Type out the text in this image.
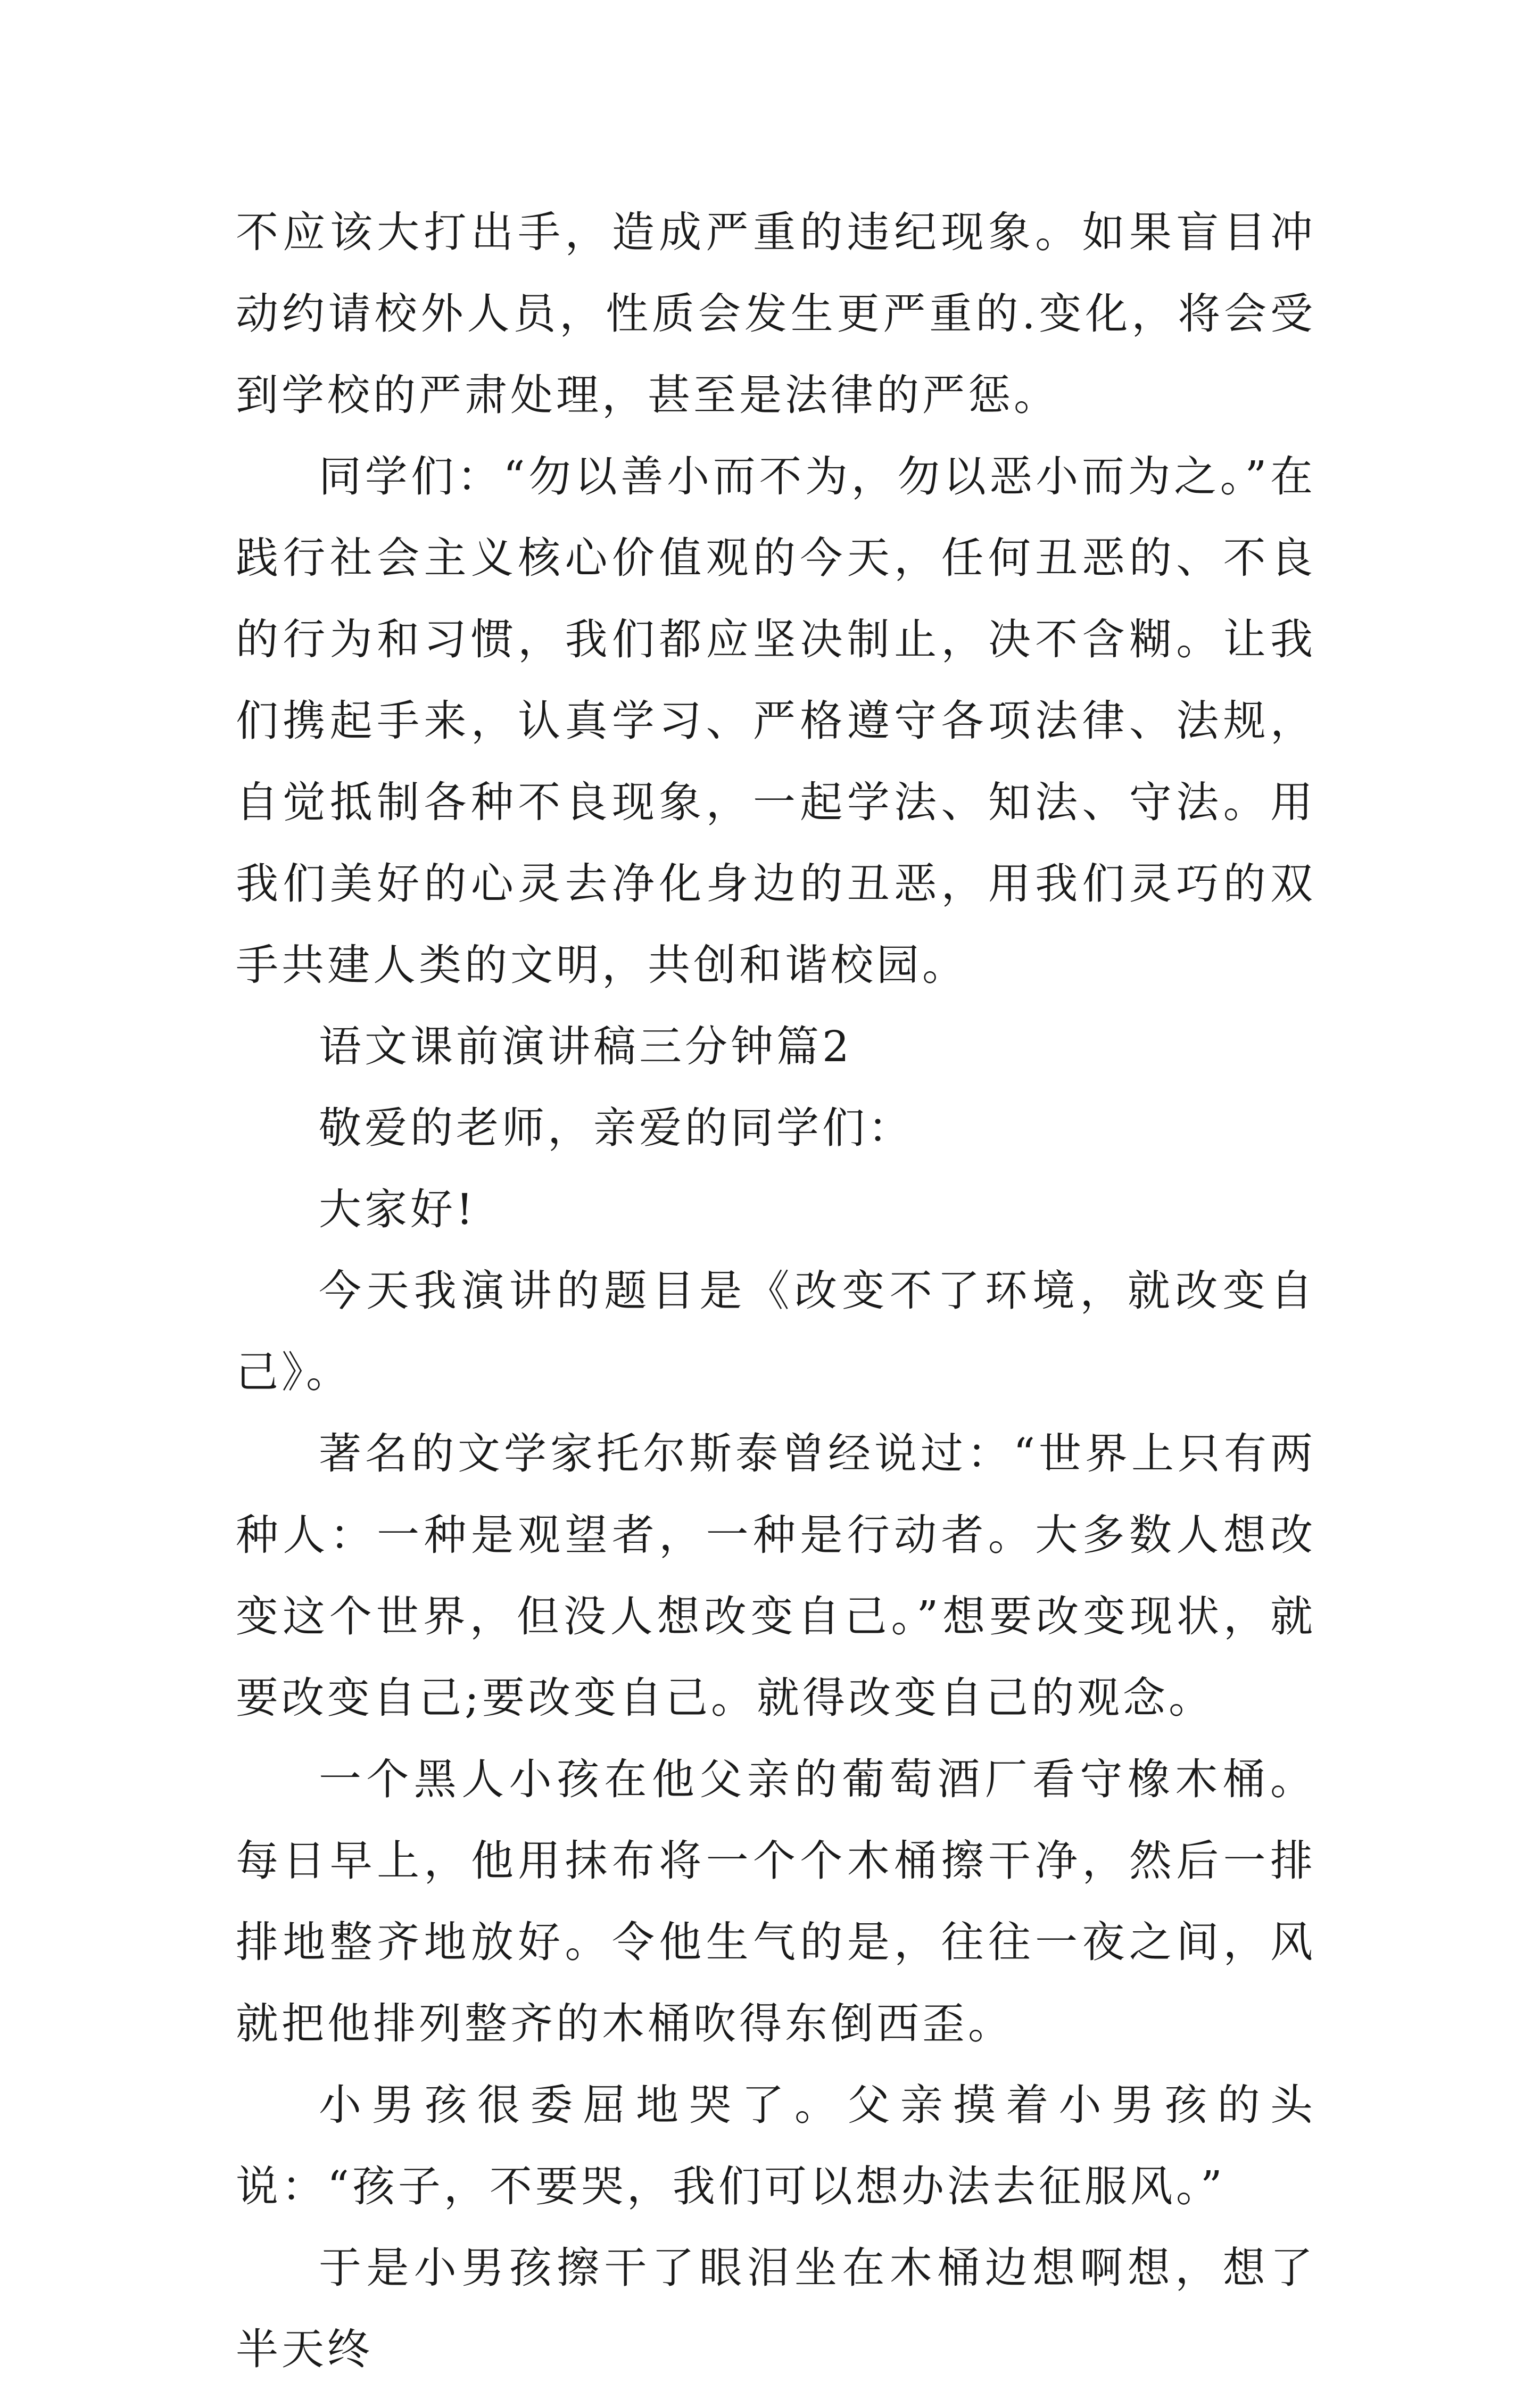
不应该大打出手，造成严重的违纪现象。如果盲目冲动约请校外人员，性质会发生更严重的.变化，将会受到学校的严肃处理，甚至是法律的严惩。

同学们：“勿以善小而不为，勿以恶小而为之。”在践行社会主义核心价值观的今天，任何丑恶的、不良的行为和习惯，我们都应坚决制止，决不含糊。让我们携起手来，认真学习、严格遵守各项法律、法规，自觉抵制各种不良现象，一起学法、知法、守法。用我们美好的心灵去净化身边的丑恶，用我们灵巧的双手共建人类的文明，共创和谐校园。

语文课前演讲稿三分钟篇2

敬爱的老师，亲爱的同学们：

大家好!

今天我演讲的题目是《改变不了环境，就改变自己》。

著名的文学家托尔斯泰曾经说过：“世界上只有两种人：一种是观望者，一种是行动者。大多数人想改变这个世界，但没人想改变自己。”想要改变现状，就要改变自己;要改变自己。就得改变自己的观念。

一个黑人小孩在他父亲的葡萄酒厂看守橡木桶。每日早上，他用抹布将一个个木桶擦干净，然后一排排地整齐地放好。令他生气的是，往往一夜之间，风就把他排列整齐的木桶吹得东倒西歪。

小男孩很委屈地哭了。父亲摸着小男孩的头说：“孩子，不要哭，我们可以想办法去征服风。”

于是小男孩擦干了眼泪坐在木桶边想啊想，想了半天终
